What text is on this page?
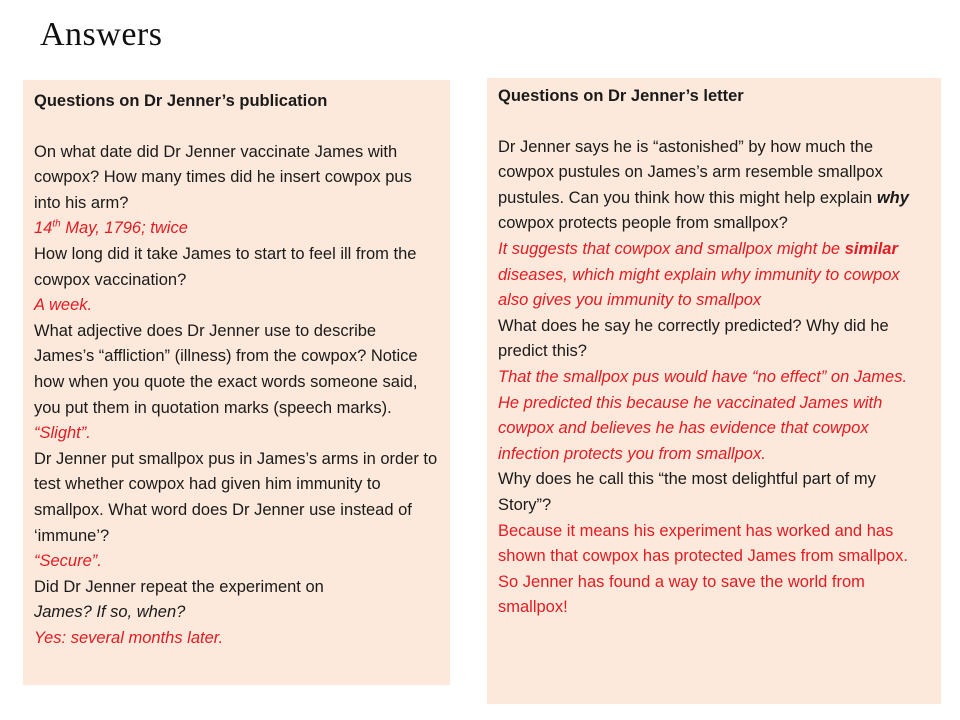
Answers
Questions on Dr Jenner’s publication

On what date did Dr Jenner vaccinate James with cowpox? How many times did he insert cowpox pus into his arm?

14th May, 1796; twice

How long did it take James to start to feel ill from the cowpox vaccination?

A week.

What adjective does Dr Jenner use to describe James’s “affliction” (illness) from the cowpox? Notice how when you quote the exact words someone said, you put them in quotation marks (speech marks).

“Slight”.

Dr Jenner put smallpox pus in James’s arms in order to test whether cowpox had given him immunity to smallpox. What word does Dr Jenner use instead of ‘immune’?

“Secure”.

Did Dr Jenner repeat the experiment on
James? If so, when?

Yes: several months later.

Questions on Dr Jenner’s letter

Dr Jenner says he is “astonished” by how much the cowpox pustules on James’s arm resemble smallpox pustules. Can you think how this might help explain why cowpox protects people from smallpox?

It suggests that cowpox and smallpox might be similar diseases, which might explain why immunity to cowpox also gives you immunity to smallpox

What does he say he correctly predicted? Why did he predict this?

That the smallpox pus would have “no effect” on James. He predicted this because he vaccinated James with cowpox and believes he has evidence that cowpox infection protects you from smallpox.

Why does he call this “the most delightful part of my Story”?

Because it means his experiment has worked and has shown that cowpox has protected James from smallpox. So Jenner has found a way to save the world from smallpox!
